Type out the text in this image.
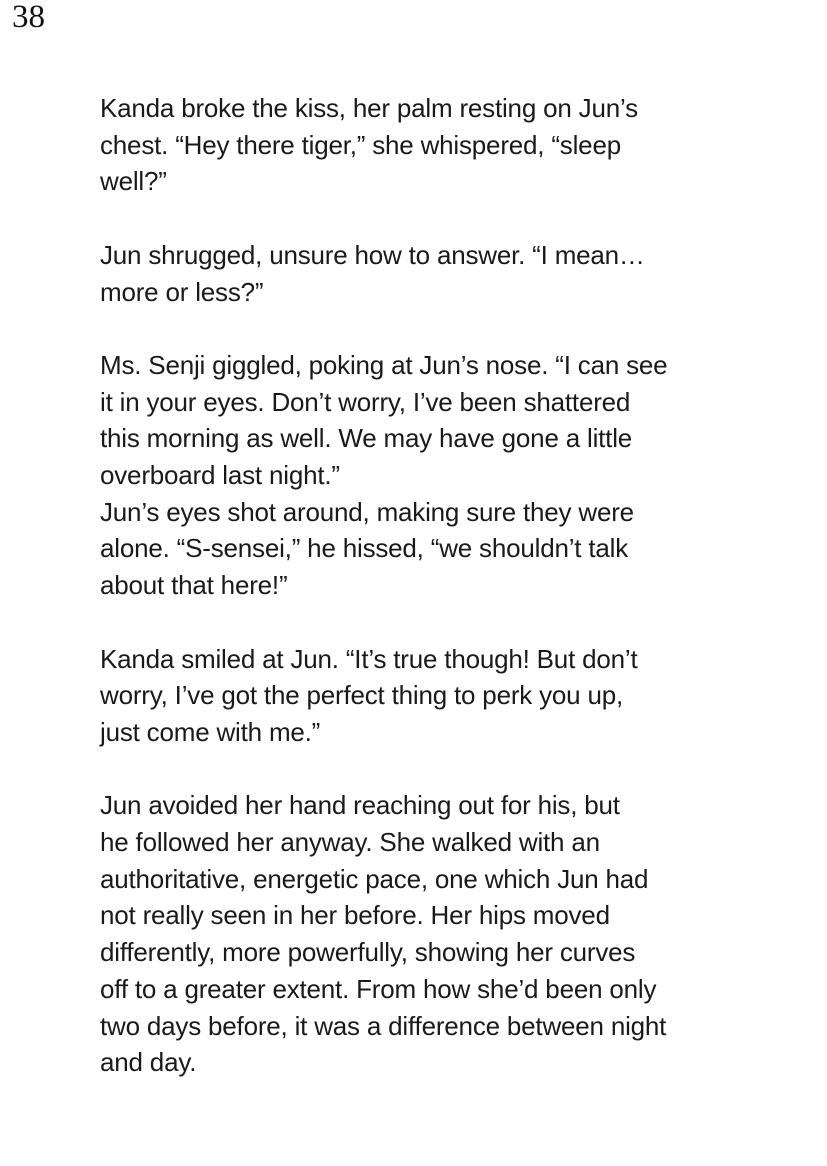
38
Kanda broke the kiss, her palm resting on Jun’s
chest. “Hey there tiger,” she whispered, “sleep
well?”
Jun shrugged, unsure how to answer. “I mean…
more or less?”
Ms. Senji giggled, poking at Jun’s nose. “I can see
it in your eyes. Don’t worry, I’ve been shattered
this morning as well. We may have gone a little
overboard last night.”
Jun’s eyes shot around, making sure they were
alone. “S-sensei,” he hissed, “we shouldn’t talk
about that here!”
Kanda smiled at Jun. “It’s true though! But don’t
worry, I’ve got the perfect thing to perk you up,
just come with me.”
Jun avoided her hand reaching out for his, but
he followed her anyway. She walked with an
authoritative, energetic pace, one which Jun had
not really seen in her before. Her hips moved
differently, more powerfully, showing her curves
off to a greater extent. From how she’d been only
two days before, it was a difference between night
and day.
